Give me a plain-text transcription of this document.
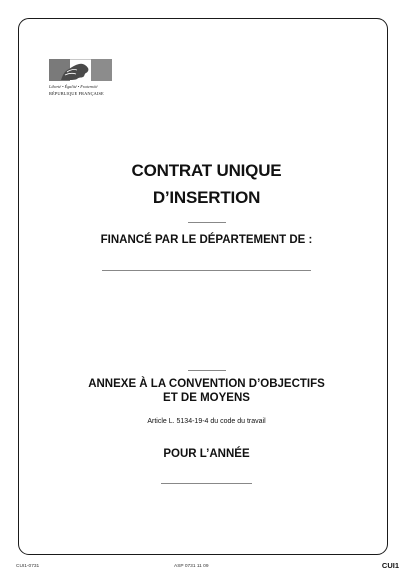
Liberté • Égalité • Fraternité
RÉPUBLIQUE FRANÇAISE
CONTRAT UNIQUE
D’INSERTION
FINANCÉ PAR LE DÉPARTEMENT DE :
ANNEXE À LA CONVENTION D’OBJECTIFS
ET DE MOYENS
Article L. 5134-19-4 du code du travail
POUR L’ANNÉE
CUI1-0731	ASP 0731 11 09	CUI1
